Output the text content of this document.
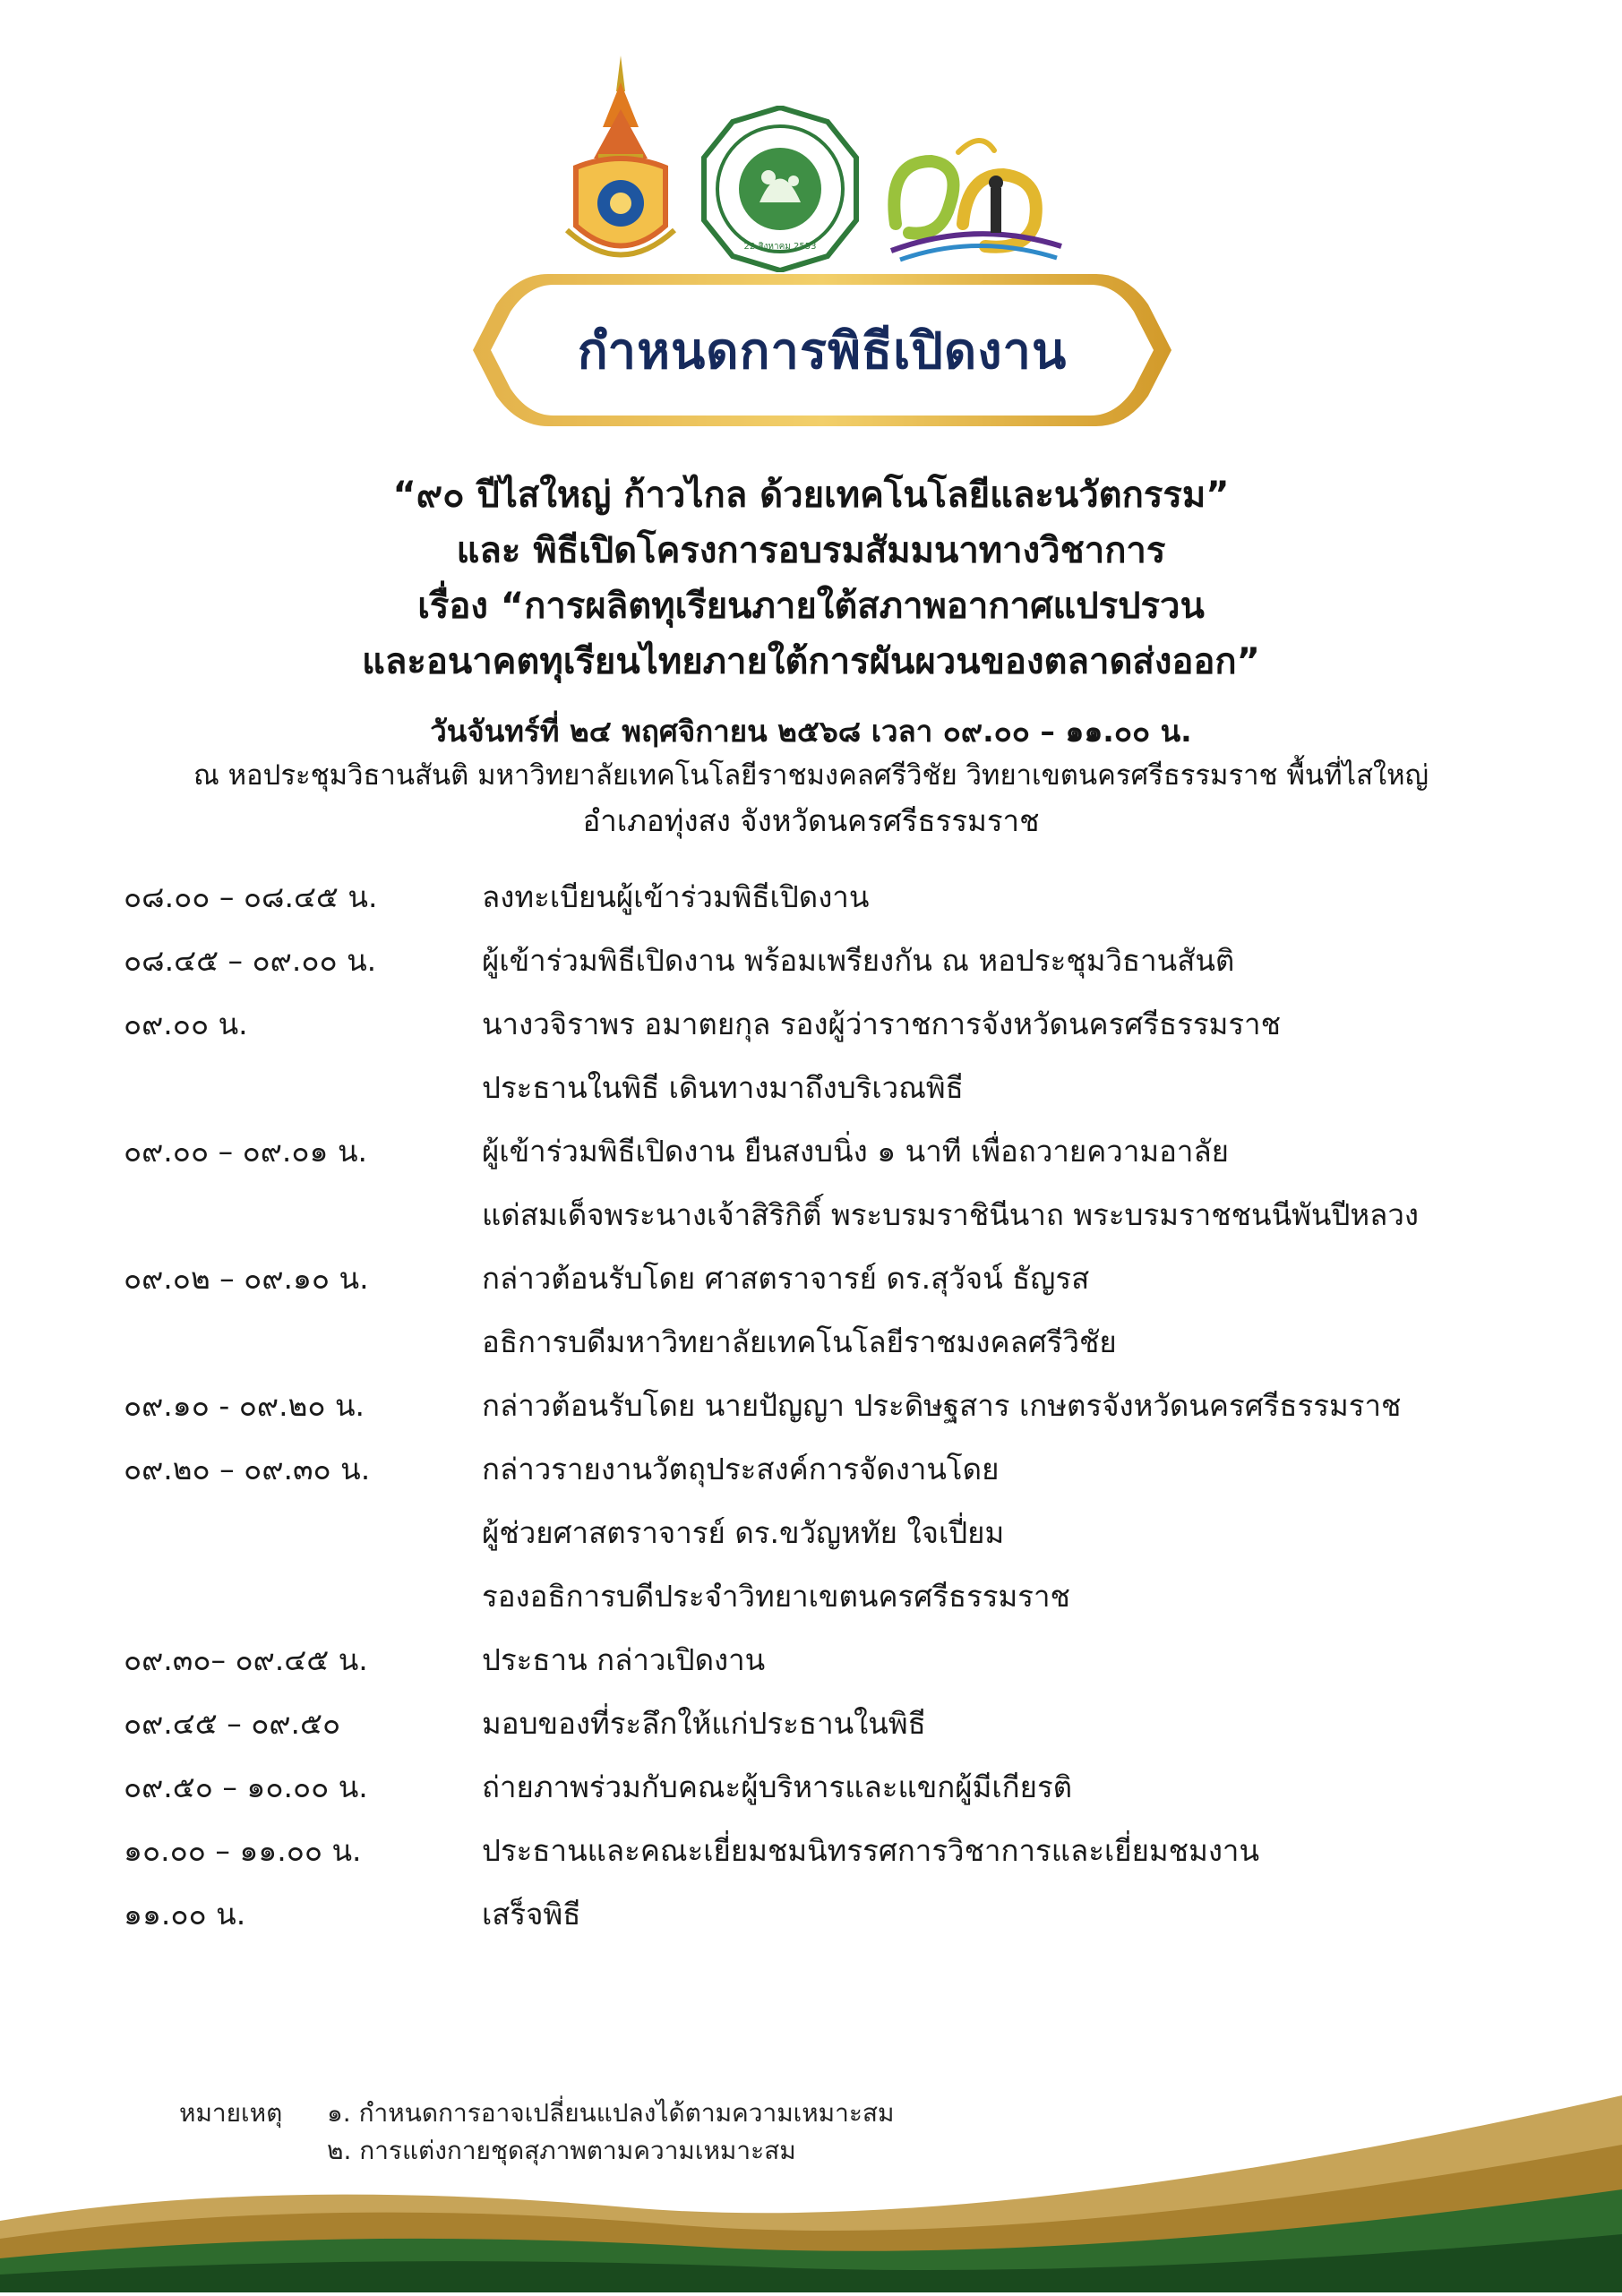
22 สิงหาคม 2553
กำหนดการพิธีเปิดงาน
“๙๐ ปีไสใหญ่ ก้าวไกล ด้วยเทคโนโลยีและนวัตกรรม”
และ พิธีเปิดโครงการอบรมสัมมนาทางวิชาการ
เรื่อง “การผลิตทุเรียนภายใต้สภาพอากาศแปรปรวน
และอนาคตทุเรียนไทยภายใต้การผันผวนของตลาดส่งออก”
วันจันทร์ที่ ๒๔ พฤศจิกายน ๒๕๖๘ เวลา ๐๙.๐๐ – ๑๑.๐๐ น.
ณ หอประชุมวิธานสันติ มหาวิทยาลัยเทคโนโลยีราชมงคลศรีวิชัย วิทยาเขตนครศรีธรรมราช พื้นที่ไสใหญ่
อำเภอทุ่งสง จังหวัดนครศรีธรรมราช
๐๘.๐๐ – ๐๘.๔๕ น.	ลงทะเบียนผู้เข้าร่วมพิธีเปิดงาน
๐๘.๔๕ – ๐๙.๐๐ น.	ผู้เข้าร่วมพิธีเปิดงาน พร้อมเพรียงกัน ณ หอประชุมวิธานสันติ
๐๙.๐๐ น.	นางวจิราพร อมาตยกุล รองผู้ว่าราชการจังหวัดนครศรีธรรมราช
ประธานในพิธี เดินทางมาถึงบริเวณพิธี
๐๙.๐๐ – ๐๙.๐๑ น.	ผู้เข้าร่วมพิธีเปิดงาน ยืนสงบนิ่ง ๑ นาที เพื่อถวายความอาลัย
แด่สมเด็จพระนางเจ้าสิริกิติ์ พระบรมราชินีนาถ พระบรมราชชนนีพันปีหลวง
๐๙.๐๒ – ๐๙.๑๐ น.	กล่าวต้อนรับโดย ศาสตราจารย์ ดร.สุวัจน์ ธัญรส
อธิการบดีมหาวิทยาลัยเทคโนโลยีราชมงคลศรีวิชัย
๐๙.๑๐ - ๐๙.๒๐ น.	กล่าวต้อนรับโดย นายปัญญา ประดิษฐสาร เกษตรจังหวัดนครศรีธรรมราช
๐๙.๒๐ – ๐๙.๓๐ น.	กล่าวรายงานวัตถุประสงค์การจัดงานโดย
ผู้ช่วยศาสตราจารย์ ดร.ขวัญหทัย ใจเปี่ยม
รองอธิการบดีประจำวิทยาเขตนครศรีธรรมราช
๐๙.๓๐– ๐๙.๔๕ น.	ประธาน กล่าวเปิดงาน
๐๙.๔๕ – ๐๙.๕๐	มอบของที่ระลึกให้แก่ประธานในพิธี
๐๙.๕๐ – ๑๐.๐๐ น.	ถ่ายภาพร่วมกับคณะผู้บริหารและแขกผู้มีเกียรติ
๑๐.๐๐ – ๑๑.๐๐ น.	ประธานและคณะเยี่ยมชมนิทรรศการวิชาการและเยี่ยมชมงาน
๑๑.๐๐ น.	เสร็จพิธี
หมายเหตุ ๑. กำหนดการอาจเปลี่ยนแปลงได้ตามความเหมาะสม
๒. การแต่งกายชุดสุภาพตามความเหมาะสม
